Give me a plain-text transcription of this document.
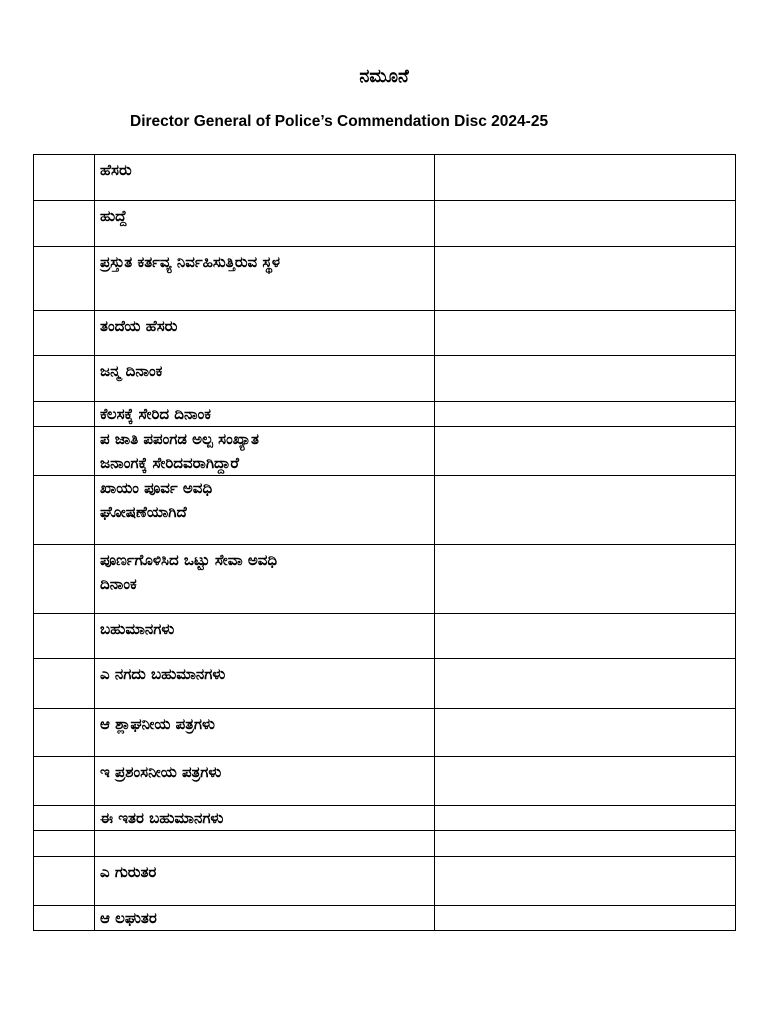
ನಮೂನೆ
Director General of Police’s Commendation Disc 2024-25

	ಹೆಸರು	

	ಹುದ್ದೆ	

	ಪ್ರಸ್ತುತ ಕರ್ತವ್ಯ ನಿರ್ವಹಿಸುತ್ತಿರುವ ಸ್ಥಳ	

	ತಂದೆಯ ಹೆಸರು	

	ಜನ್ಮ ದಿನಾಂಕ	

	ಕೆಲಸಕ್ಕೆ ಸೇರಿದ ದಿನಾಂಕ	

	ಪ ಜಾತಿ ಪಪಂಗಡ ಅಲ್ಪ ಸಂಖ್ಯಾತ
ಜನಾಂಗಕ್ಕೆ ಸೇರಿದವರಾಗಿದ್ದಾರೆ	

	ಖಾಯಂ ಪೂರ್ವ ಅವಧಿ
ಘೋಷಣೆಯಾಗಿದೆ	

	ಪೂರ್ಣಗೊಳಿಸಿದ ಒಟ್ಟು ಸೇವಾ ಅವಧಿ
ದಿನಾಂಕ	

	ಬಹುಮಾನಗಳು	

	ಎ ನಗದು ಬಹುಮಾನಗಳು	

	ಆ ಶ್ಲಾಘನೀಯ ಪತ್ರಗಳು	

	ಇ ಪ್ರಶಂಸನೀಯ ಪತ್ರಗಳು	

	ಈ ಇತರ ಬಹುಮಾನಗಳು	

	ಎ ಗುರುತರ	

	ಆ ಲಘುತರ	
